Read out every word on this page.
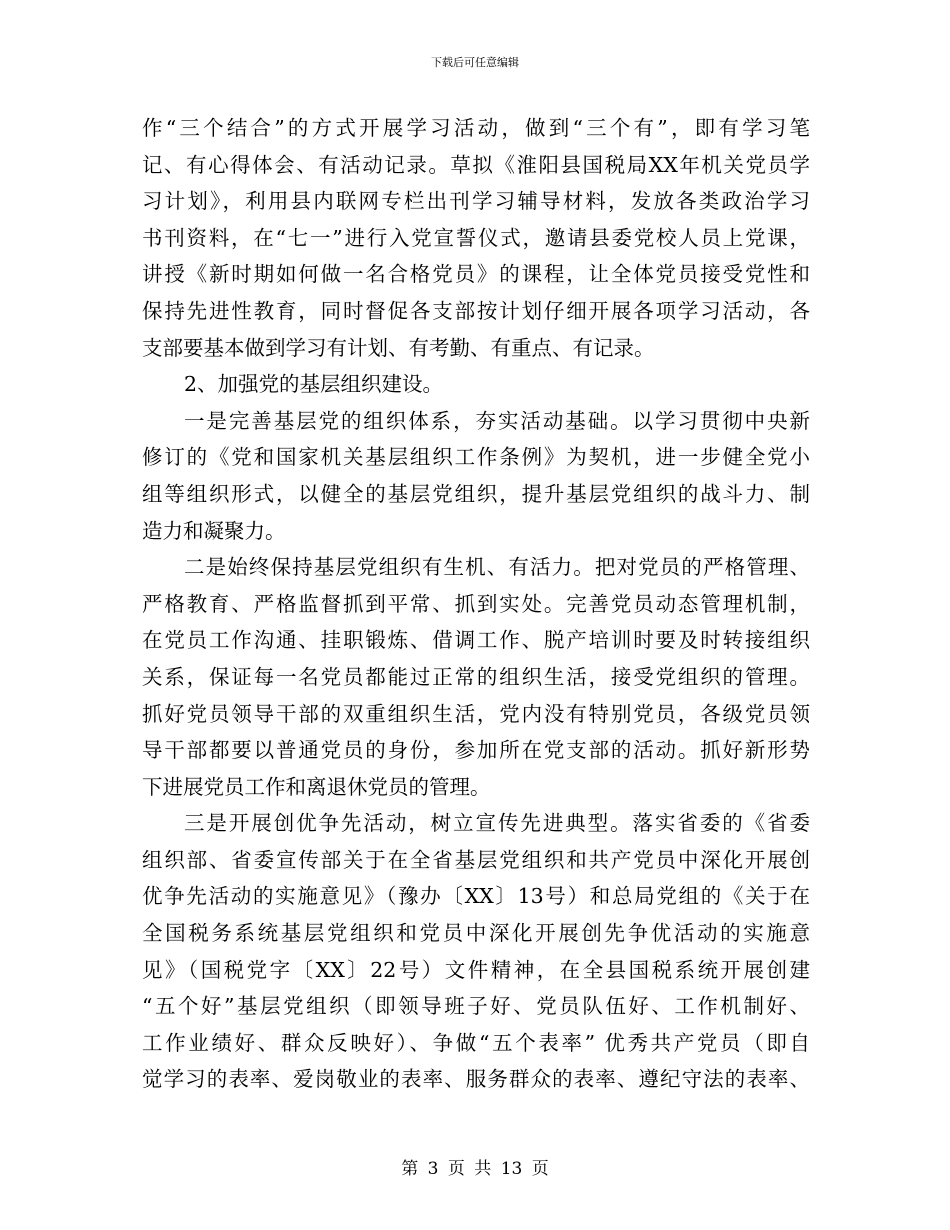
下载后可任意编辑
作“三个结合”的方式开展学习活动，做到“三个有”，即有学习笔
记、有心得体会、有活动记录。草拟《淮阳县国税局XX年机关党员学
习计划》，利用县内联网专栏出刊学习辅导材料，发放各类政治学习
书刊资料，在“七一”进行入党宣誓仪式，邀请县委党校人员上党课，
讲授《新时期如何做一名合格党员》的课程，让全体党员接受党性和
保持先进性教育，同时督促各支部按计划仔细开展各项学习活动，各
支部要基本做到学习有计划、有考勤、有重点、有记录。
2、加强党的基层组织建设。
一是完善基层党的组织体系，夯实活动基础。以学习贯彻中央新
修订的《党和国家机关基层组织工作条例》为契机，进一步健全党小
组等组织形式，以健全的基层党组织，提升基层党组织的战斗力、制
造力和凝聚力。
二是始终保持基层党组织有生机、有活力。把对党员的严格管理、
严格教育、严格监督抓到平常、抓到实处。完善党员动态管理机制，
在党员工作沟通、挂职锻炼、借调工作、脱产培训时要及时转接组织
关系，保证每一名党员都能过正常的组织生活，接受党组织的管理。
抓好党员领导干部的双重组织生活，党内没有特别党员，各级党员领
导干部都要以普通党员的身份，参加所在党支部的活动。抓好新形势
下进展党员工作和离退休党员的管理。
三是开展创优争先活动，树立宣传先进典型。落实省委的《省委
组织部、省委宣传部关于在全省基层党组织和共产党员中深化开展创
优争先活动的实施意见》（豫办〔XX〕13号）和总局党组的《关于在
全国税务系统基层党组织和党员中深化开展创先争优活动的实施意
见》（国税党字〔XX〕22号）文件精神，在全县国税系统开展创建
“五个好”基层党组织（即领导班子好、党员队伍好、工作机制好、
工作业绩好、群众反映好）、争做“五个表率” 优秀共产党员（即自
觉学习的表率、爱岗敬业的表率、服务群众的表率、遵纪守法的表率、
第 3 页 共 13 页
